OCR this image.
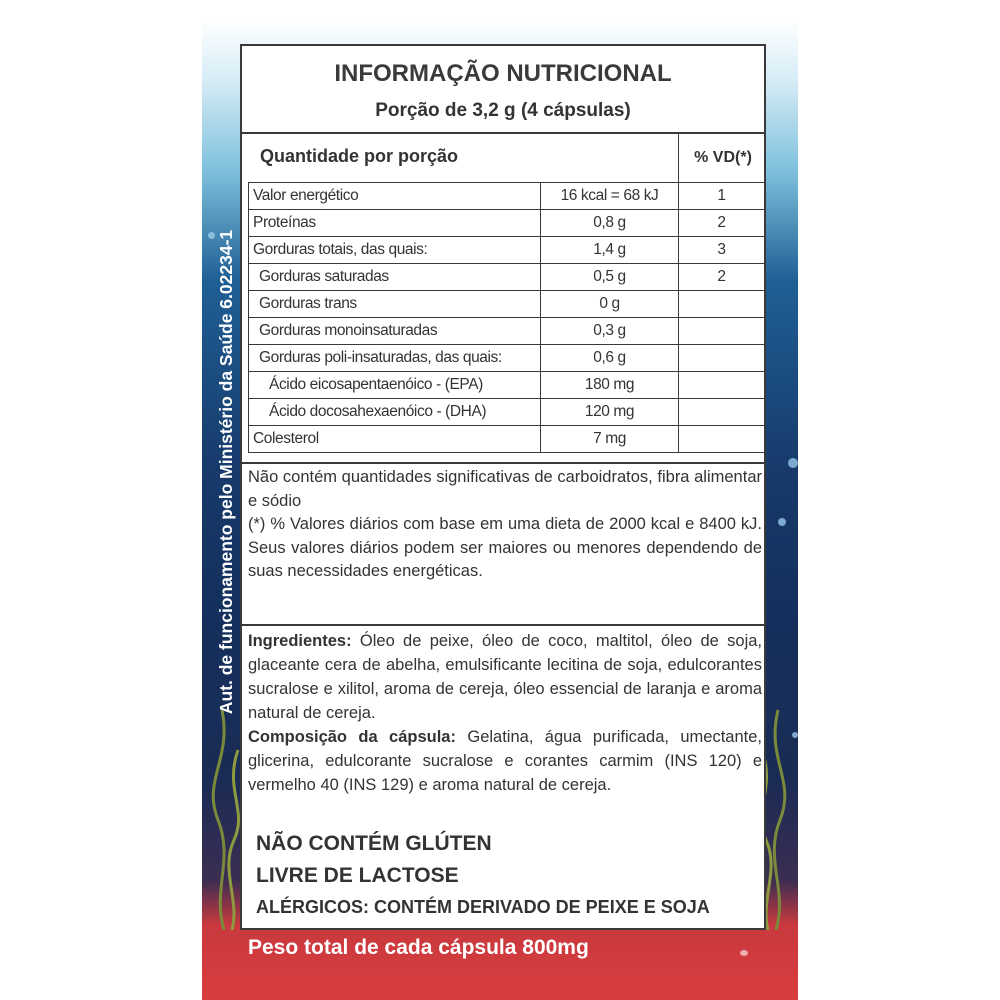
Aut. de funcionamento pelo Ministério da Saúde 6.02234-1
INFORMAÇÃO NUTRICIONAL
Porção de 3,2 g (4 cápsulas)
Quantidade por porção	% VD(*)
Valor energético	16 kcal = 68 kJ	1
Proteínas	0,8 g	2
Gorduras totais, das quais:	1,4 g	3
Gorduras saturadas	0,5 g	2
Gorduras trans	0 g	
Gorduras monoinsaturadas	0,3 g	
Gorduras poli-insaturadas, das quais:	0,6 g	
Ácido eicosapentaenóico - (EPA)	180 mg	
Ácido docosahexaenóico - (DHA)	120 mg	
Colesterol	7 mg	

Não contém quantidades significativas de carboidratos, fibra alimentar e sódio

(*) % Valores diários com base em uma dieta de 2000 kcal e 8400 kJ. Seus valores diários podem ser maiores ou menores dependendo de suas necessidades energéticas.

Ingredientes: Óleo de peixe, óleo de coco, maltitol, óleo de soja, glaceante cera de abelha, emulsificante lecitina de soja, edulcorantes sucralose e xilitol, aroma de cereja, óleo essencial de laranja e aroma natural de cereja.

Composição da cápsula: Gelatina, água purificada, umectante, glicerina, edulcorante sucralose e corantes carmim (INS 120) e vermelho 40 (INS 129) e aroma natural de cereja.

NÃO CONTÉM GLÚTEN
LIVRE DE LACTOSE
ALÉRGICOS: CONTÉM DERIVADO DE PEIXE E SOJA
Peso total de cada cápsula 800mg
